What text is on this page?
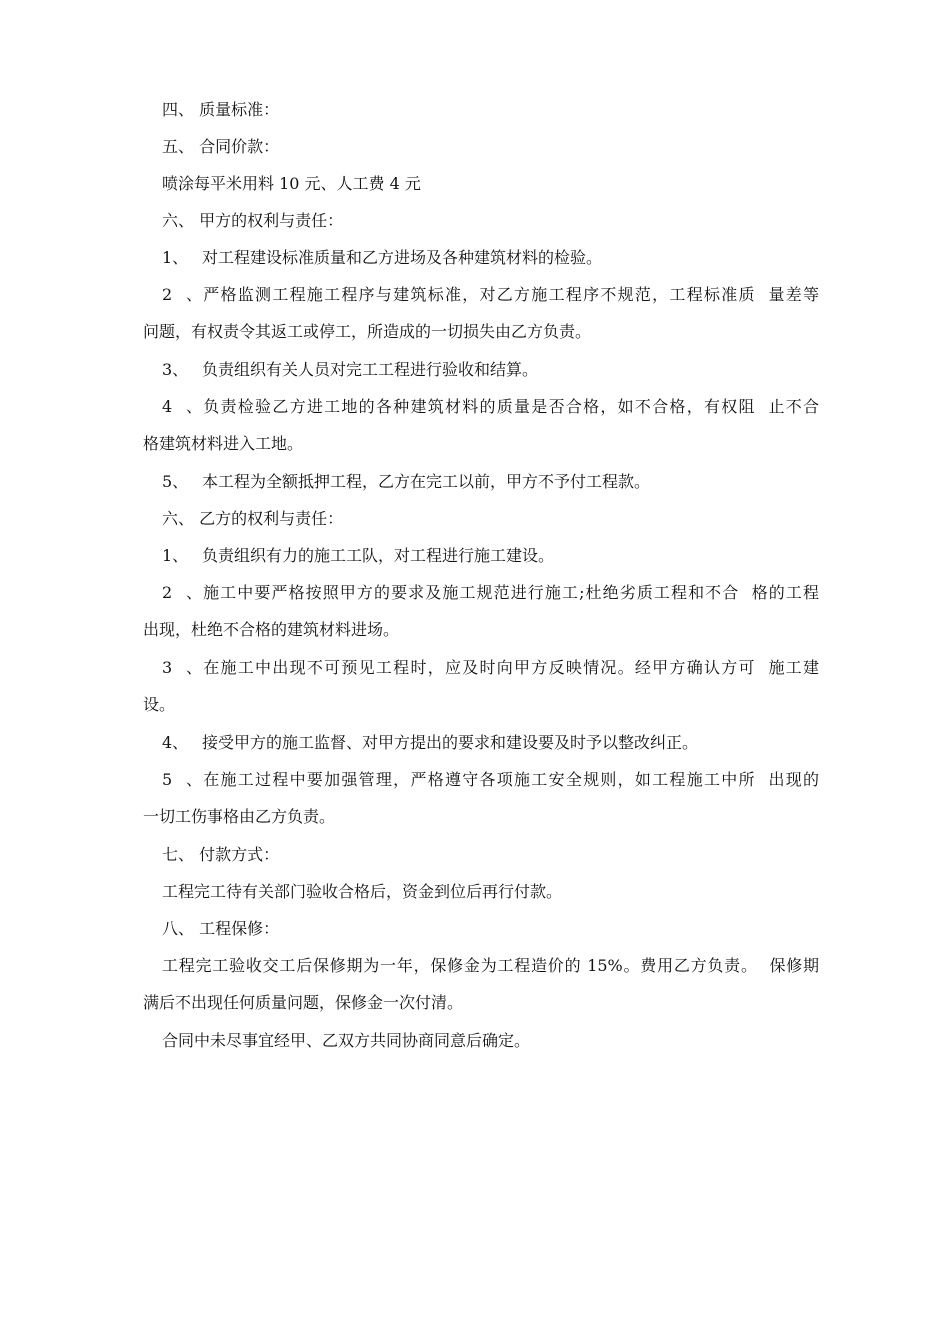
四、 质量标准：

五、 合同价款：

喷涂每平米用料 10 元、人工费 4 元

六、 甲方的权利与责任：

1、 对工程建设标准质量和乙方进场及各种建筑材料的检验。

2、严格监测工程施工程序与建筑标准，对乙方施工程序不规范，工程标准质  量差等

问题，有权责令其返工或停工，所造成的一切损失由乙方负责。

3、 负责组织有关人员对完工工程进行验收和结算。

4、负责检验乙方进工地的各种建筑材料的质量是否合格，如不合格，有权阻  止不合

格建筑材料进入工地。

5、 本工程为全额抵押工程，乙方在完工以前，甲方不予付工程款。

六、 乙方的权利与责任：

1、 负责组织有力的施工工队，对工程进行施工建设。

2、施工中要严格按照甲方的要求及施工规范进行施工;杜绝劣质工程和不合  格的工程

出现，杜绝不合格的建筑材料进场。

3、在施工中出现不可预见工程时，应及时向甲方反映情况。经甲方确认方可  施工建

设。

4、 接受甲方的施工监督、对甲方提出的要求和建设要及时予以整改纠正。

5、在施工过程中要加强管理，严格遵守各项施工安全规则，如工程施工中所  出现的

一切工伤事格由乙方负责。

七、 付款方式：

工程完工待有关部门验收合格后，资金到位后再行付款。

八、 工程保修：

工程完工验收交工后保修期为一年，保修金为工程造价的 15%。费用乙方负责。  保修期

满后不出现任何质量问题，保修金一次付清。

合同中未尽事宜经甲、乙双方共同协商同意后确定。
